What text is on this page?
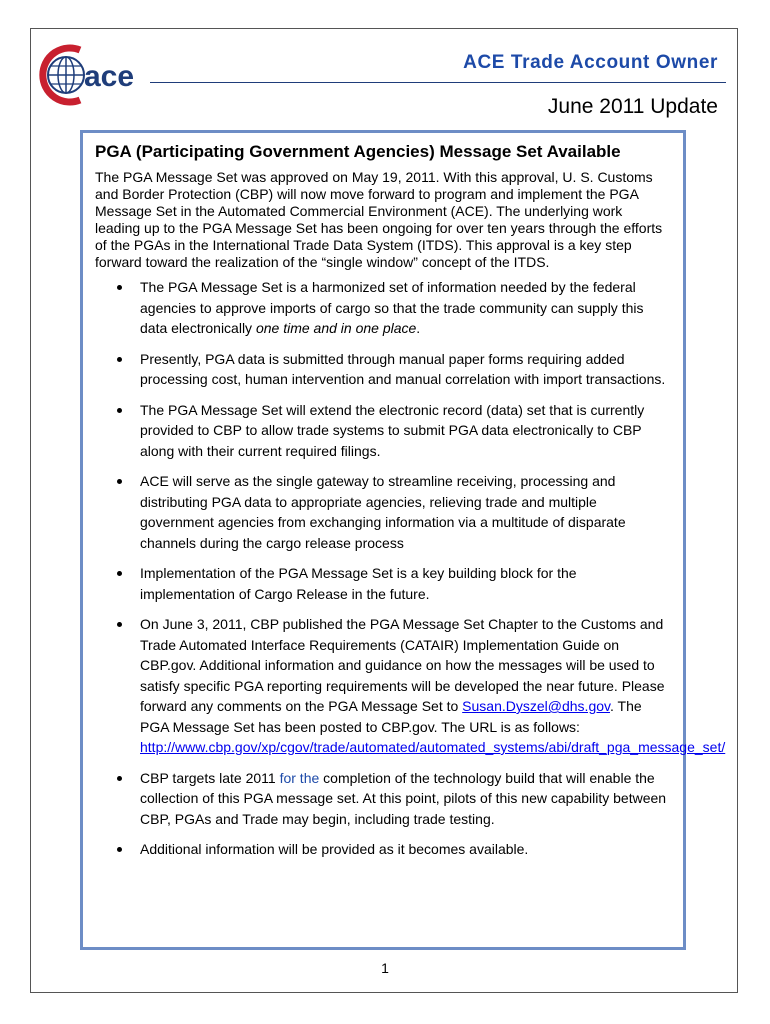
ace	ACE Trade Account Owner
June 2011 Update
PGA (Participating Government Agencies) Message Set Available

The PGA Message Set was approved on May 19, 2011. With this approval, U. S. Customs and Border Protection (CBP) will now move forward to program and implement the PGA Message Set in the Automated Commercial Environment (ACE). The underlying work leading up to the PGA Message Set has been ongoing for over ten years through the efforts of the PGAs in the International Trade Data System (ITDS). This approval is a key step forward toward the realization of the “single window” concept of the ITDS.

The PGA Message Set is a harmonized set of information needed by the federal agencies to approve imports of cargo so that the trade community can supply this data electronically one time and in one place.
Presently, PGA data is submitted through manual paper forms requiring added processing cost, human intervention and manual correlation with import transactions.
The PGA Message Set will extend the electronic record (data) set that is currently provided to CBP to allow trade systems to submit PGA data electronically to CBP along with their current required filings.
ACE will serve as the single gateway to streamline receiving, processing and distributing PGA data to appropriate agencies, relieving trade and multiple government agencies from exchanging information via a multitude of disparate channels during the cargo release process
Implementation of the PGA Message Set is a key building block for the implementation of Cargo Release in the future.
On June 3, 2011, CBP published the PGA Message Set Chapter to the Customs and Trade Automated Interface Requirements (CATAIR) Implementation Guide on CBP.gov. Additional information and guidance on how the messages will be used to satisfy specific PGA reporting requirements will be developed the near future. Please forward any comments on the PGA Message Set to Susan.Dyszel@dhs.gov. The PGA Message Set has been posted to CBP.gov. The URL is as follows: http://www.cbp.gov/xp/cgov/trade/automated/automated_systems/abi/draft_pga_message_set/
CBP targets late 2011 for the completion of the technology build that will enable the collection of this PGA message set. At this point, pilots of this new capability between CBP, PGAs and Trade may begin, including trade testing.
Additional information will be provided as it becomes available.
1
